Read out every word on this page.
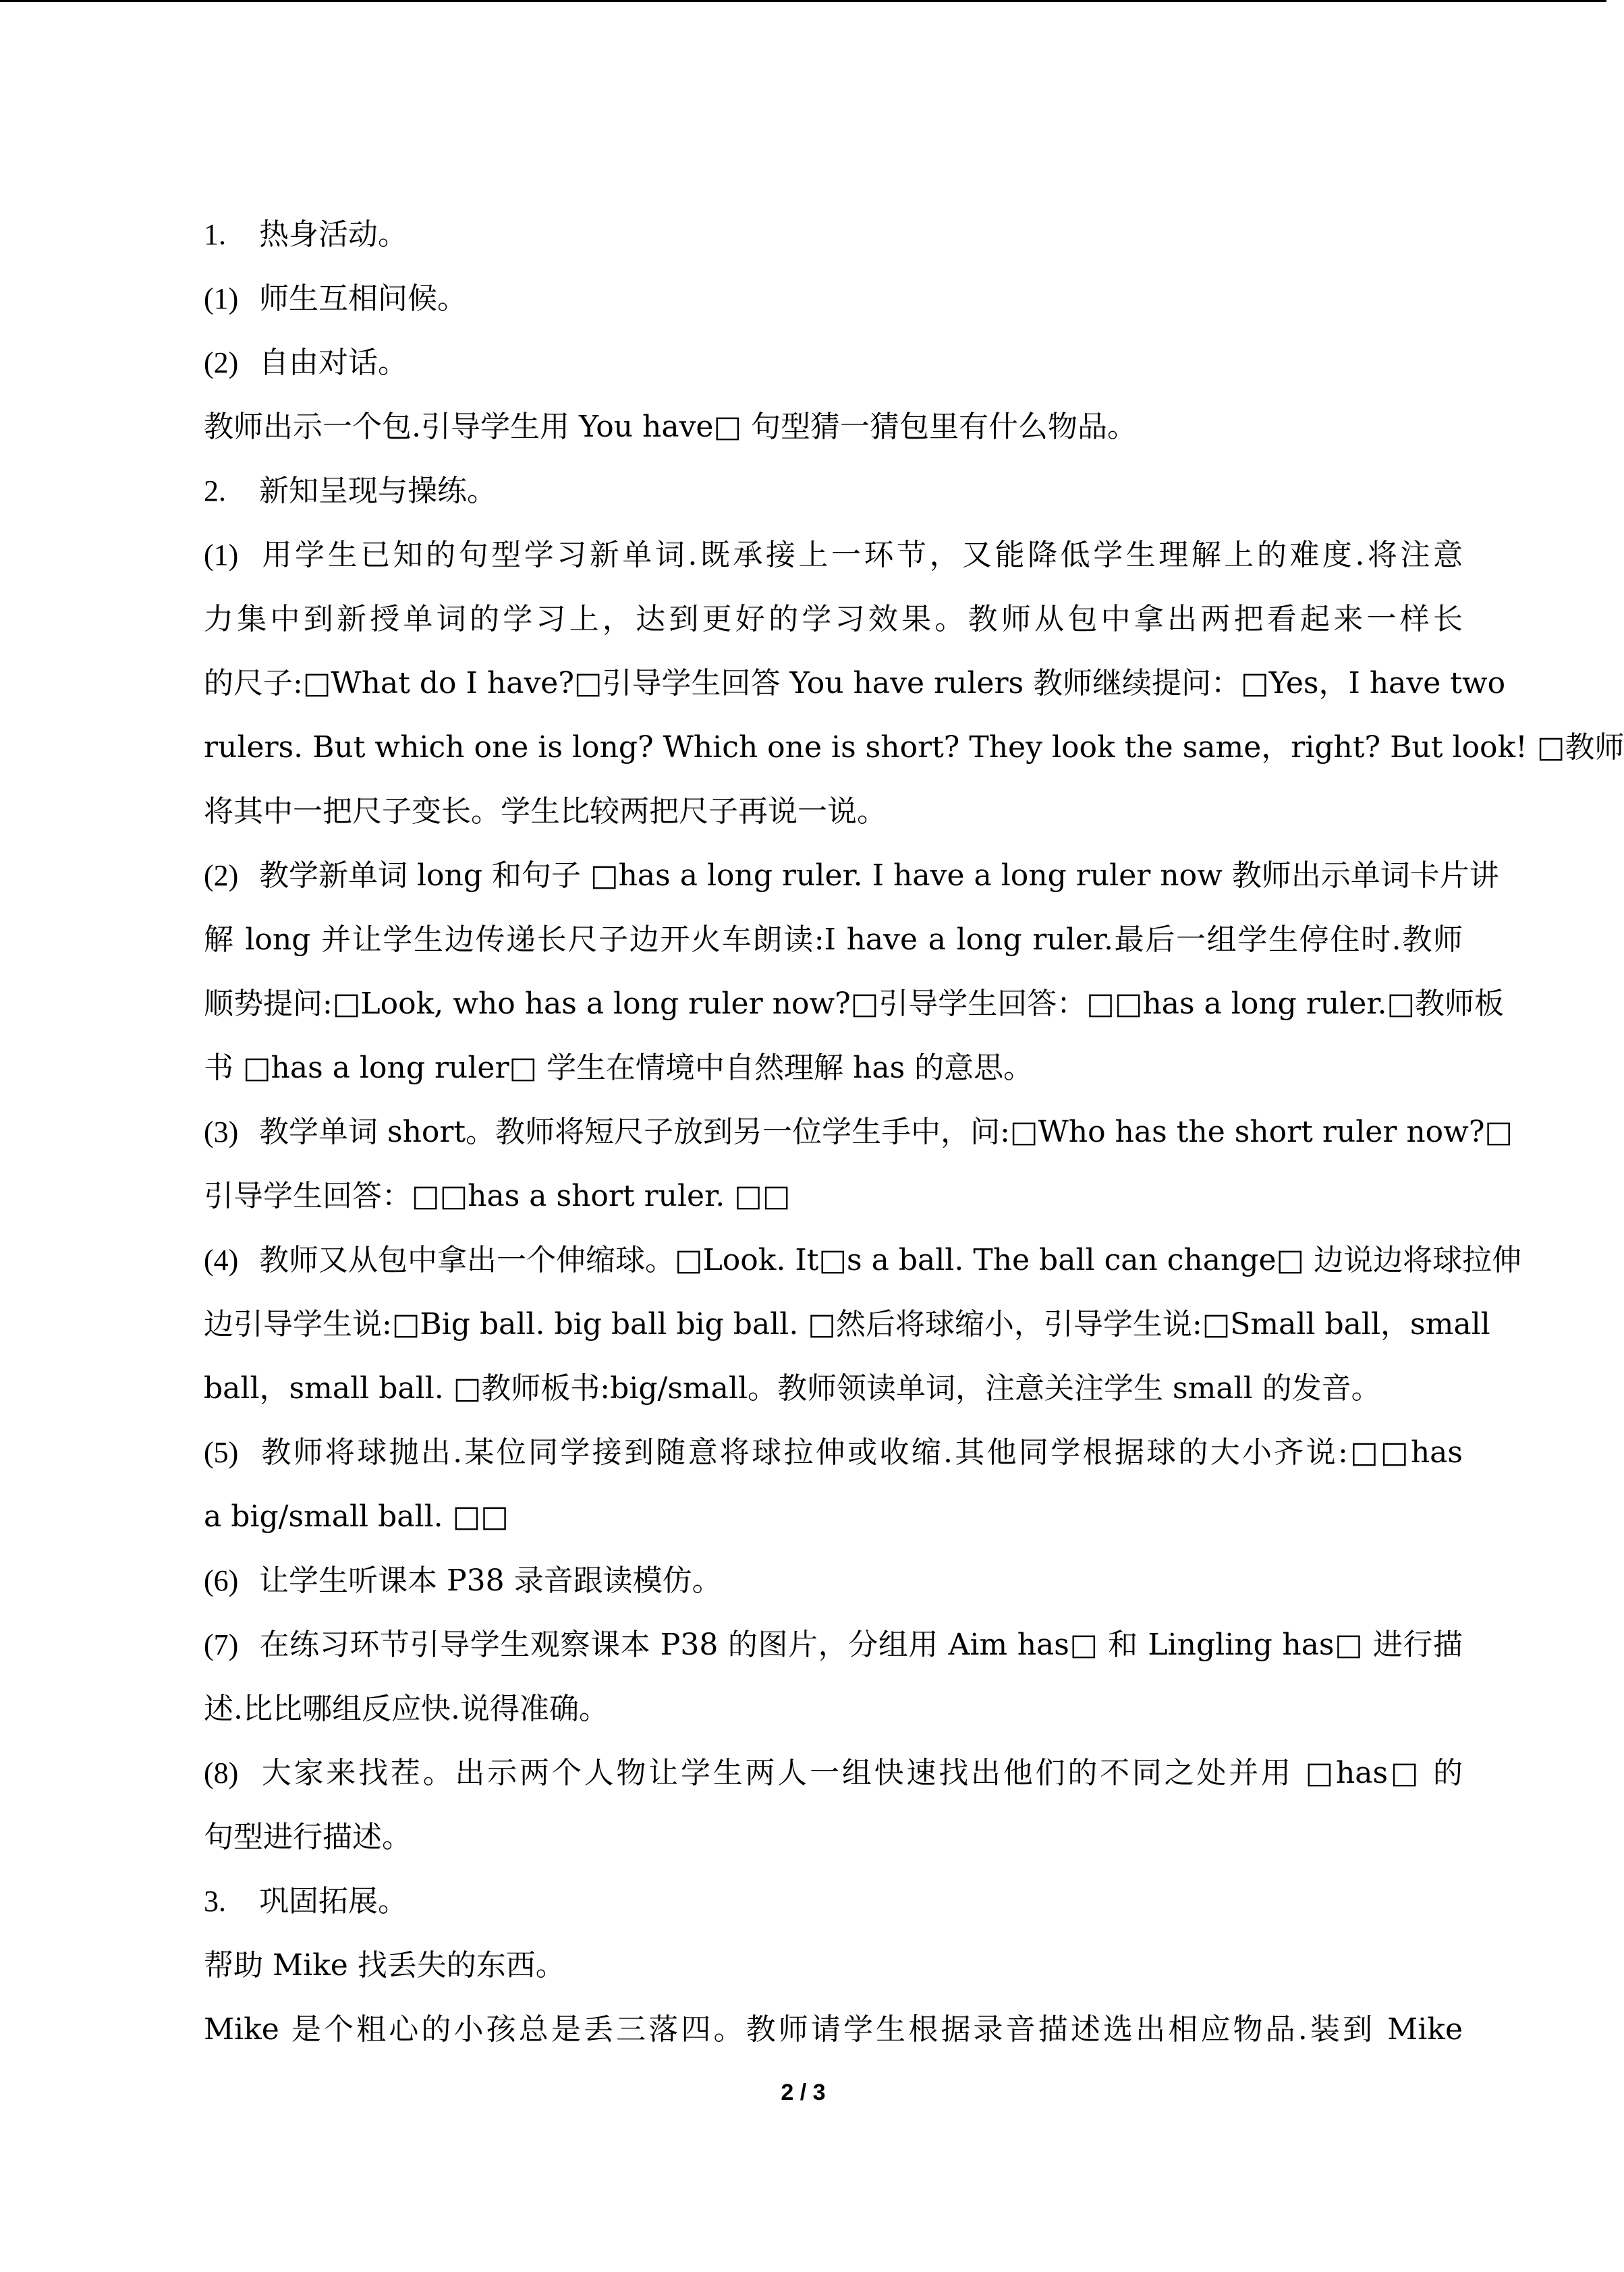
1. 热身活动。
(1) 师生互相问候。
(2) 自由对话。
教师出示一个包.引导学生用 You have□ 句型猜一猜包里有什么物品。
2. 新知呈现与操练。
(1) 用学生已知的句型学习新单词.既承接上一环节，又能降低学生理解上的难度.将注意
力集中到新授单词的学习上，达到更好的学习效果。教师从包中拿出两把看起来一样长
的尺子:□What do I have?□引导学生回答 You have rulers 教师继续提问：□Yes，I have two
rulers. But which one is long? Which one is short? They look the same，right? But look! □教师
将其中一把尺子变长。学生比较两把尺子再说一说。
(2) 教学新单词 long 和句子 □has a long ruler. I have a long ruler now 教师出示单词卡片讲
解 long 并让学生边传递长尺子边开火车朗读:I have a long ruler.最后一组学生停住时.教师
顺势提问:□Look, who has a long ruler now?□引导学生回答：□□has a long ruler.□教师板
书 □has a long ruler□ 学生在情境中自然理解 has 的意思。
(3) 教学单词 short。教师将短尺子放到另一位学生手中，问:□Who has the short ruler now?□
引导学生回答：□□has a short ruler. □□
(4) 教师又从包中拿出一个伸缩球。□Look. It□s a ball. The ball can change□ 边说边将球拉伸
边引导学生说:□Big ball. big ball big ball. □然后将球缩小，引导学生说:□Small ball，small
ball，small ball. □教师板书:big/small。教师领读单词，注意关注学生 small 的发音。
(5) 教师将球抛出.某位同学接到随意将球拉伸或收缩.其他同学根据球的大小齐说:□□has
a big/small ball. □□
(6) 让学生听课本 P38 录音跟读模仿。
(7) 在练习环节引导学生观察课本 P38 的图片，分组用 Aim has□ 和 Lingling has□ 进行描
述.比比哪组反应快.说得准确。
(8) 大家来找茬。出示两个人物让学生两人一组快速找出他们的不同之处并用 □has□ 的
句型进行描述。
3. 巩固拓展。
帮助 Mike 找丢失的东西。
Mike 是个粗心的小孩总是丢三落四。教师请学生根据录音描述选出相应物品.装到 Mike
2 / 3
